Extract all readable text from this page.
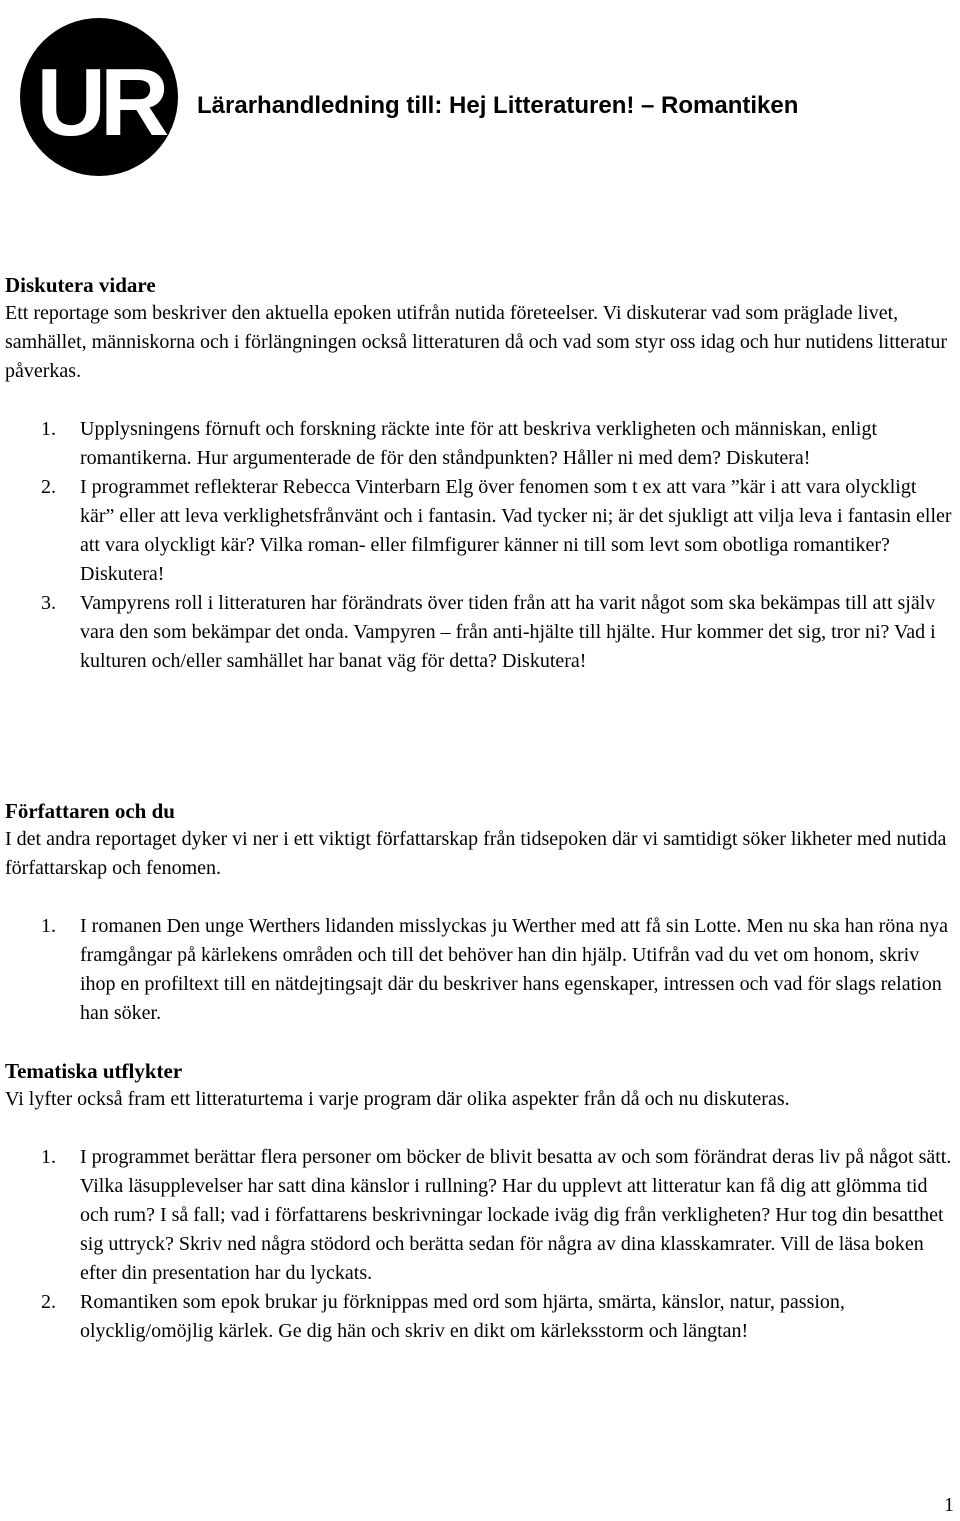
UR Lärarhandledning till: Hej Litteraturen! – Romantiken
Diskutera vidare

Ett reportage som beskriver den aktuella epoken utifrån nutida företeelser. Vi diskuterar vad som präglade livet, samhället, människorna och i förlängningen också litteraturen då och vad som styr oss idag och hur nutidens litteratur påverkas.

1. Upplysningens förnuft och forskning räckte inte för att beskriva verkligheten och människan, enligt romantikerna. Hur argumenterade de för den ståndpunkten? Håller ni med dem? Diskutera!
2. I programmet reflekterar Rebecca Vinterbarn Elg över fenomen som t ex att vara ”kär i att vara olyckligt kär” eller att leva verklighetsfrånvänt och i fantasin. Vad tycker ni; är det sjukligt att vilja leva i fantasin eller att vara olyckligt kär? Vilka roman- eller filmfigurer känner ni till som levt som obotliga romantiker? Diskutera!
3. Vampyrens roll i litteraturen har förändrats över tiden från att ha varit något som ska bekämpas till att själv vara den som bekämpar det onda. Vampyren – från anti-hjälte till hjälte. Hur kommer det sig, tror ni? Vad i kulturen och/eller samhället har banat väg för detta? Diskutera!
Författaren och du

I det andra reportaget dyker vi ner i ett viktigt författarskap från tidsepoken där vi samtidigt söker likheter med nutida författarskap och fenomen.

1. I romanen Den unge Werthers lidanden misslyckas ju Werther med att få sin Lotte. Men nu ska han röna nya framgångar på kärlekens områden och till det behöver han din hjälp. Utifrån vad du vet om honom, skriv ihop en profiltext till en nätdejtingsajt där du beskriver hans egenskaper, intressen och vad för slags relation han söker.
Tematiska utflykter

Vi lyfter också fram ett litteraturtema i varje program där olika aspekter från då och nu diskuteras.

1. I programmet berättar flera personer om böcker de blivit besatta av och som förändrat deras liv på något sätt. Vilka läsupplevelser har satt dina känslor i rullning? Har du upplevt att litteratur kan få dig att glömma tid och rum? I så fall; vad i författarens beskrivningar lockade iväg dig från verkligheten? Hur tog din besatthet sig uttryck? Skriv ned några stödord och berätta sedan för några av dina klasskamrater. Vill de läsa boken efter din presentation har du lyckats.
2. Romantiken som epok brukar ju förknippas med ord som hjärta, smärta, känslor, natur, passion, olycklig/omöjlig kärlek. Ge dig hän och skriv en dikt om kärleksstorm och längtan!
1
